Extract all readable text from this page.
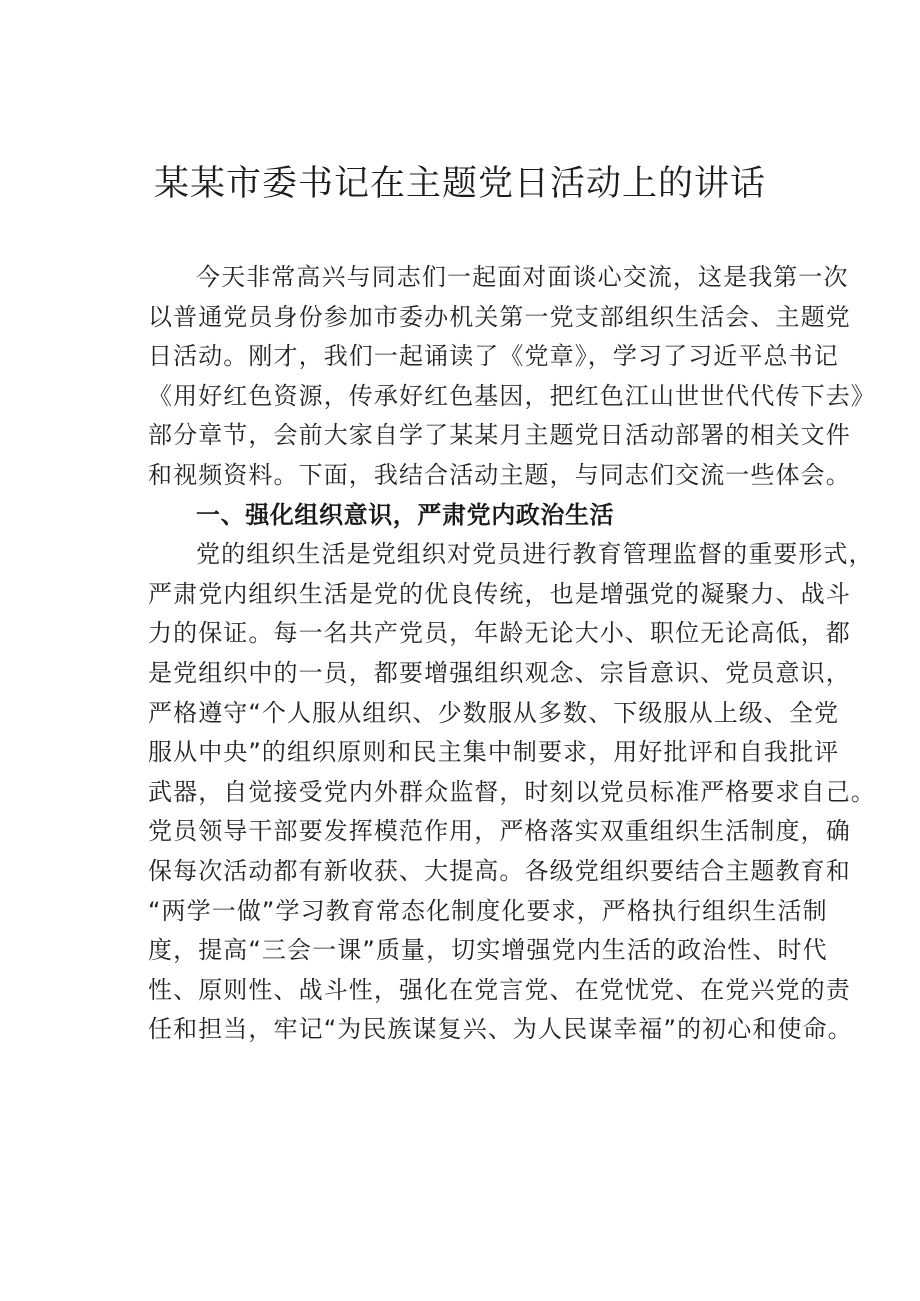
某某市委书记在主题党日活动上的讲话
今天非常高兴与同志们一起面对面谈心交流，这是我第一次
以普通党员身份参加市委办机关第一党支部组织生活会、主题党
日活动。刚才，我们一起诵读了《党章》，学习了习近平总书记
《用好红色资源，传承好红色基因，把红色江山世世代代传下去》
部分章节，会前大家自学了某某月主题党日活动部署的相关文件
和视频资料。下面，我结合活动主题，与同志们交流一些体会。
一、强化组织意识，严肃党内政治生活
党的组织生活是党组织对党员进行教育管理监督的重要形式，
严肃党内组织生活是党的优良传统，也是增强党的凝聚力、战斗
力的保证。每一名共产党员，年龄无论大小、职位无论高低，都
是党组织中的一员，都要增强组织观念、宗旨意识、党员意识，
严格遵守“个人服从组织、少数服从多数、下级服从上级、全党
服从中央”的组织原则和民主集中制要求，用好批评和自我批评
武器，自觉接受党内外群众监督，时刻以党员标准严格要求自己。
党员领导干部要发挥模范作用，严格落实双重组织生活制度，确
保每次活动都有新收获、大提高。各级党组织要结合主题教育和
“两学一做”学习教育常态化制度化要求，严格执行组织生活制
度，提高“三会一课”质量，切实增强党内生活的政治性、时代
性、原则性、战斗性，强化在党言党、在党忧党、在党兴党的责
任和担当，牢记“为民族谋复兴、为人民谋幸福”的初心和使命。
